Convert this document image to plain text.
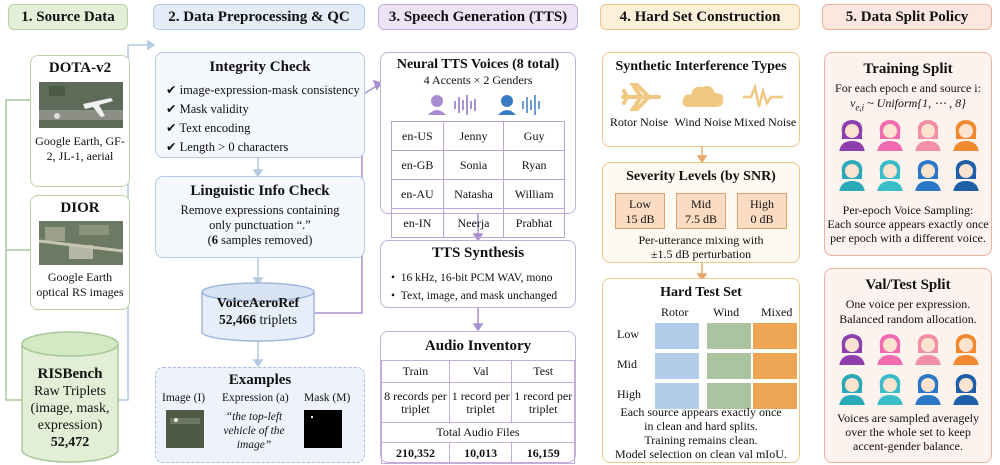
1. Source Data	2. Data Preprocessing & QC	3. Speech Generation (TTS)	4. Hard Set Construction	5. Data Split Policy
DOTA-v2
Google Earth, GF-2, JL-1, aerial
DIOR
Google Earth optical RS images
RISBench
Raw Triplets
(image, mask,
expression)
52,472
Integrity Check
✔ image-expression-mask consistency
✔ Mask validity
✔ Text encoding
✔ Length > 0 characters
Linguistic Info Check
Remove expressions containing
only punctuation “.”
(6 samples removed)
VoiceAeroRef
52,466 triplets
Examples
Image (I) Expression (a) Mask (M)
“the top-left vehicle of the image”
Neural TTS Voices (8 total)
4 Accents × 2 Genders
en-US	Jenny	Guy
en-GB	Sonia	Ryan
en-AU	Natasha	William
en-IN	Neerja	Prabhat
TTS Synthesis
•  16 kHz, 16-bit PCM WAV, mono
•  Text, image, and mask unchanged
Audio Inventory
Train	Val	Test
8 records per triplet	1 record per triplet	1 record per triplet
Total Audio Files		
210,352	10,013	16,159
Synthetic Interference Types
Rotor Noise Wind Noise Mixed Noise
Severity Levels (by SNR)
Low
15 dB
Mid
7.5 dB
High
0 dB
Per-utterance mixing with
±1.5 dB perturbation
Hard Test Set
Rotor Wind Mixed
Low
Mid
High
Each source appears exactly once
in clean and hard splits.
Training remains clean.
Model selection on clean val mIoU.
Training Split
For each epoch e and source i:
$v_{e,i}$ ~ Uniform{1, ⋯ , 8}
Per-epoch Voice Sampling:
Each source appears exactly once
per epoch with a different voice.
Val/Test Split
One voice per expression.
Balanced random allocation.
Voices are sampled averagely
over the whole set to keep
accent-gender balance.
